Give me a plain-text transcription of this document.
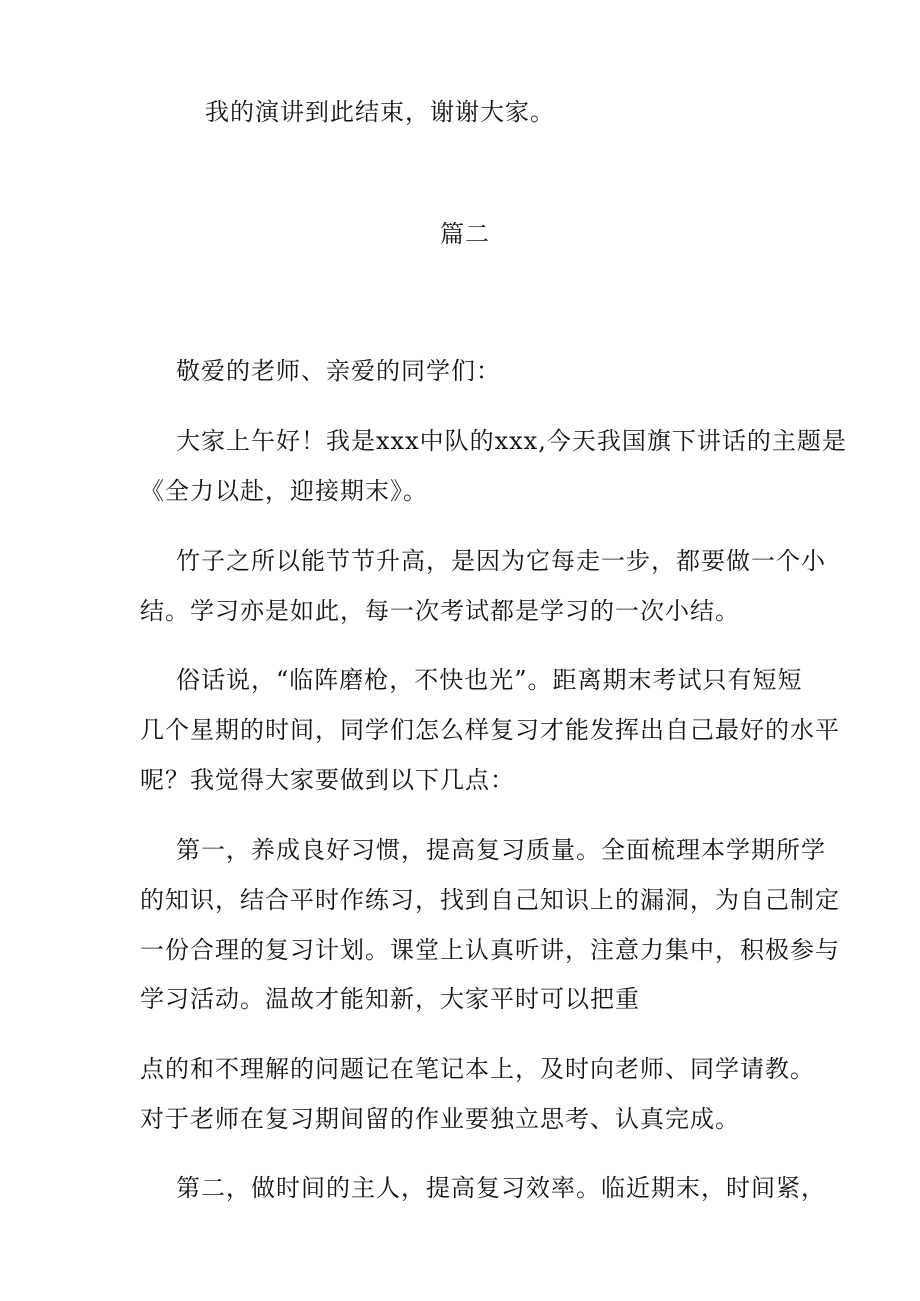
我的演讲到此结束，谢谢大家。
篇二
敬爱的老师、亲爱的同学们：
大家上午好！我是xxx中队的xxx,今天我国旗下讲话的主题是
《全力以赴，迎接期末》。
竹子之所以能节节升高，是因为它每走一步，都要做一个小
结。学习亦是如此，每一次考试都是学习的一次小结。
俗话说，“临阵磨枪，不快也光”。距离期末考试只有短短
几个星期的时间，同学们怎么样复习才能发挥出自己最好的水平
呢？我觉得大家要做到以下几点：
第一，养成良好习惯，提高复习质量。全面梳理本学期所学
的知识，结合平时作练习，找到自己知识上的漏洞，为自己制定
一份合理的复习计划。课堂上认真听讲，注意力集中，积极参与
学习活动。温故才能知新，大家平时可以把重
点的和不理解的问题记在笔记本上，及时向老师、同学请教。
对于老师在复习期间留的作业要独立思考、认真完成。
第二，做时间的主人，提高复习效率。临近期末，时间紧，
